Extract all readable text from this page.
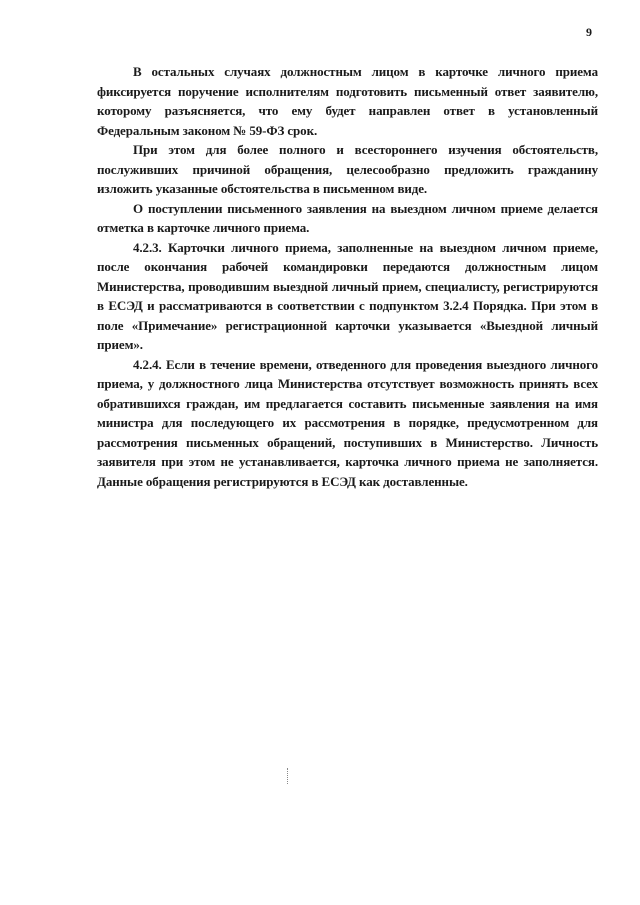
9

В остальных случаях должностным лицом в карточке личного приема фиксируется поручение исполнителям подготовить письменный ответ заявителю, которому разъясняется, что ему будет направлен ответ в установленный Федеральным законом № 59-ФЗ срок.

При этом для более полного и всестороннего изучения обстоятельств, послуживших причиной обращения, целесообразно предложить гражданину изложить указанные обстоятельства в письменном виде.

О поступлении письменного заявления на выездном личном приеме делается отметка в карточке личного приема.

4.2.3. Карточки личного приема, заполненные на выездном личном приеме, после окончания рабочей командировки передаются должностным лицом Министерства, проводившим выездной личный прием, специалисту, регистрируются в ЕСЭД и рассматриваются в соответствии с подпунктом 3.2.4 Порядка. При этом в поле «Примечание» регистрационной карточки указывается «Выездной личный прием».

4.2.4. Если в течение времени, отведенного для проведения выездного личного приема, у должностного лица Министерства отсутствует возможность принять всех обратившихся граждан, им предлагается составить письменные заявления на имя министра для последующего их рассмотрения в порядке, предусмотренном для рассмотрения письменных обращений, поступивших в Министерство. Личность заявителя при этом не устанавливается, карточка личного приема не заполняется. Данные обращения регистрируются в ЕСЭД как доставленные.
